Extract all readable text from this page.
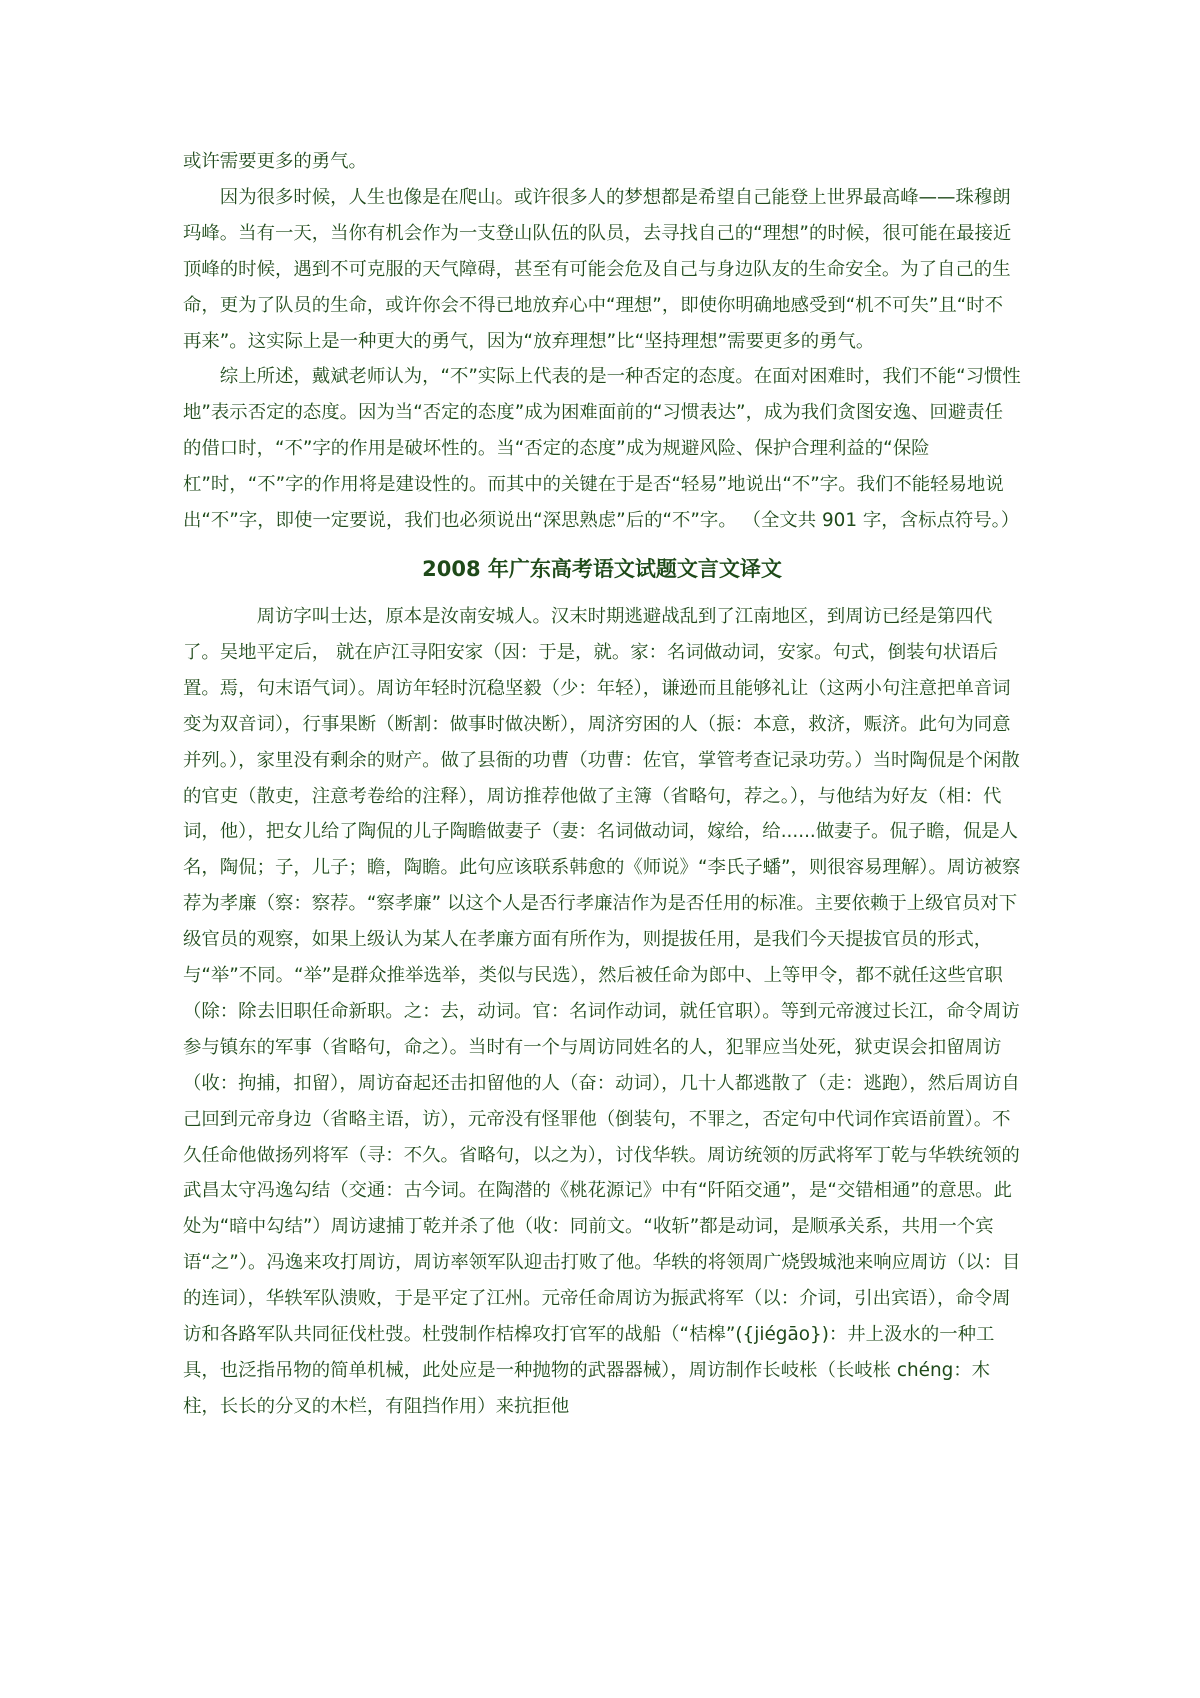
或许需要更多的勇气。

因为很多时候，人生也像是在爬山。或许很多人的梦想都是希望自己能登上世界最高峰——珠穆朗玛峰。当有一天，当你有机会作为一支登山队伍的队员，去寻找自己的“理想”的时候，很可能在最接近顶峰的时候，遇到不可克服的天气障碍，甚至有可能会危及自己与身边队友的生命安全。为了自己的生命，更为了队员的生命，或许你会不得已地放弃心中“理想”，即使你明确地感受到“机不可失”且“时不再来”。这实际上是一种更大的勇气，因为“放弃理想”比“坚持理想”需要更多的勇气。

综上所述，戴斌老师认为，“不”实际上代表的是一种否定的态度。在面对困难时，我们不能“习惯性地”表示否定的态度。因为当“否定的态度”成为困难面前的“习惯表达”，成为我们贪图安逸、回避责任的借口时，“不”字的作用是破坏性的。当“否定的态度”成为规避风险、保护合理利益的“保险杠”时，“不”字的作用将是建设性的。而其中的关键在于是否“轻易”地说出“不”字。我们不能轻易地说出“不”字，即使一定要说，我们也必须说出“深思熟虑”后的“不”字。 （全文共 901 字，含标点符号。）

2008 年广东高考语文试题文言文译文

周访字叫士达，原本是汝南安城人。汉末时期逃避战乱到了江南地区，到周访已经是第四代了。吴地平定后， 就在庐江寻阳安家（因：于是，就。家：名词做动词，安家。句式，倒装句状语后置。焉，句末语气词）。周访年轻时沉稳坚毅（少：年轻），谦逊而且能够礼让（这两小句注意把单音词变为双音词），行事果断（断割：做事时做决断），周济穷困的人（振：本意，救济，赈济。此句为同意并列。），家里没有剩余的财产。做了县衙的功曹（功曹：佐官，掌管考查记录功劳。）当时陶侃是个闲散的官吏（散吏，注意考卷给的注释），周访推荐他做了主簿（省略句，荐之。），与他结为好友（相：代词，他），把女儿给了陶侃的儿子陶瞻做妻子（妻：名词做动词，嫁给，给......做妻子。侃子瞻，侃是人名，陶侃；子，儿子；瞻，陶瞻。此句应该联系韩愈的《师说》“李氏子蟠”，则很容易理解）。周访被察荐为孝廉（察：察荐。“察孝廉” 以这个人是否行孝廉洁作为是否任用的标准。主要依赖于上级官员对下级官员的观察，如果上级认为某人在孝廉方面有所作为，则提拔任用，是我们今天提拔官员的形式，与“举”不同。“举”是群众推举选举，类似与民选），然后被任命为郎中、上等甲令，都不就任这些官职（除：除去旧职任命新职。之：去，动词。官：名词作动词，就任官职）。等到元帝渡过长江，命令周访参与镇东的军事（省略句，命之）。当时有一个与周访同姓名的人，犯罪应当处死，狱吏误会扣留周访（收：拘捕，扣留），周访奋起还击扣留他的人（奋：动词），几十人都逃散了（走：逃跑），然后周访自己回到元帝身边（省略主语，访），元帝没有怪罪他（倒装句，不罪之，否定句中代词作宾语前置）。不久任命他做扬列将军（寻：不久。省略句，以之为），讨伐华轶。周访统领的厉武将军丁乾与华轶统领的武昌太守冯逸勾结（交通：古今词。在陶潜的《桃花源记》中有“阡陌交通”，是“交错相通”的意思。此处为“暗中勾结”）周访逮捕丁乾并杀了他（收：同前文。“收斩”都是动词，是顺承关系，共用一个宾语“之”）。冯逸来攻打周访，周访率领军队迎击打败了他。华轶的将领周广烧毁城池来响应周访（以：目的连词），华轶军队溃败，于是平定了江州。元帝任命周访为振武将军（以：介词，引出宾语），命令周访和各路军队共同征伐杜弢。杜弢制作桔槔攻打官军的战船（“桔槔”({jiégāo})：井上汲水的一种工具，也泛指吊物的简单机械，此处应是一种抛物的武器器械），周访制作长岐枨（长岐枨 chéng：木柱，长长的分叉的木栏，有阻挡作用）来抗拒他
